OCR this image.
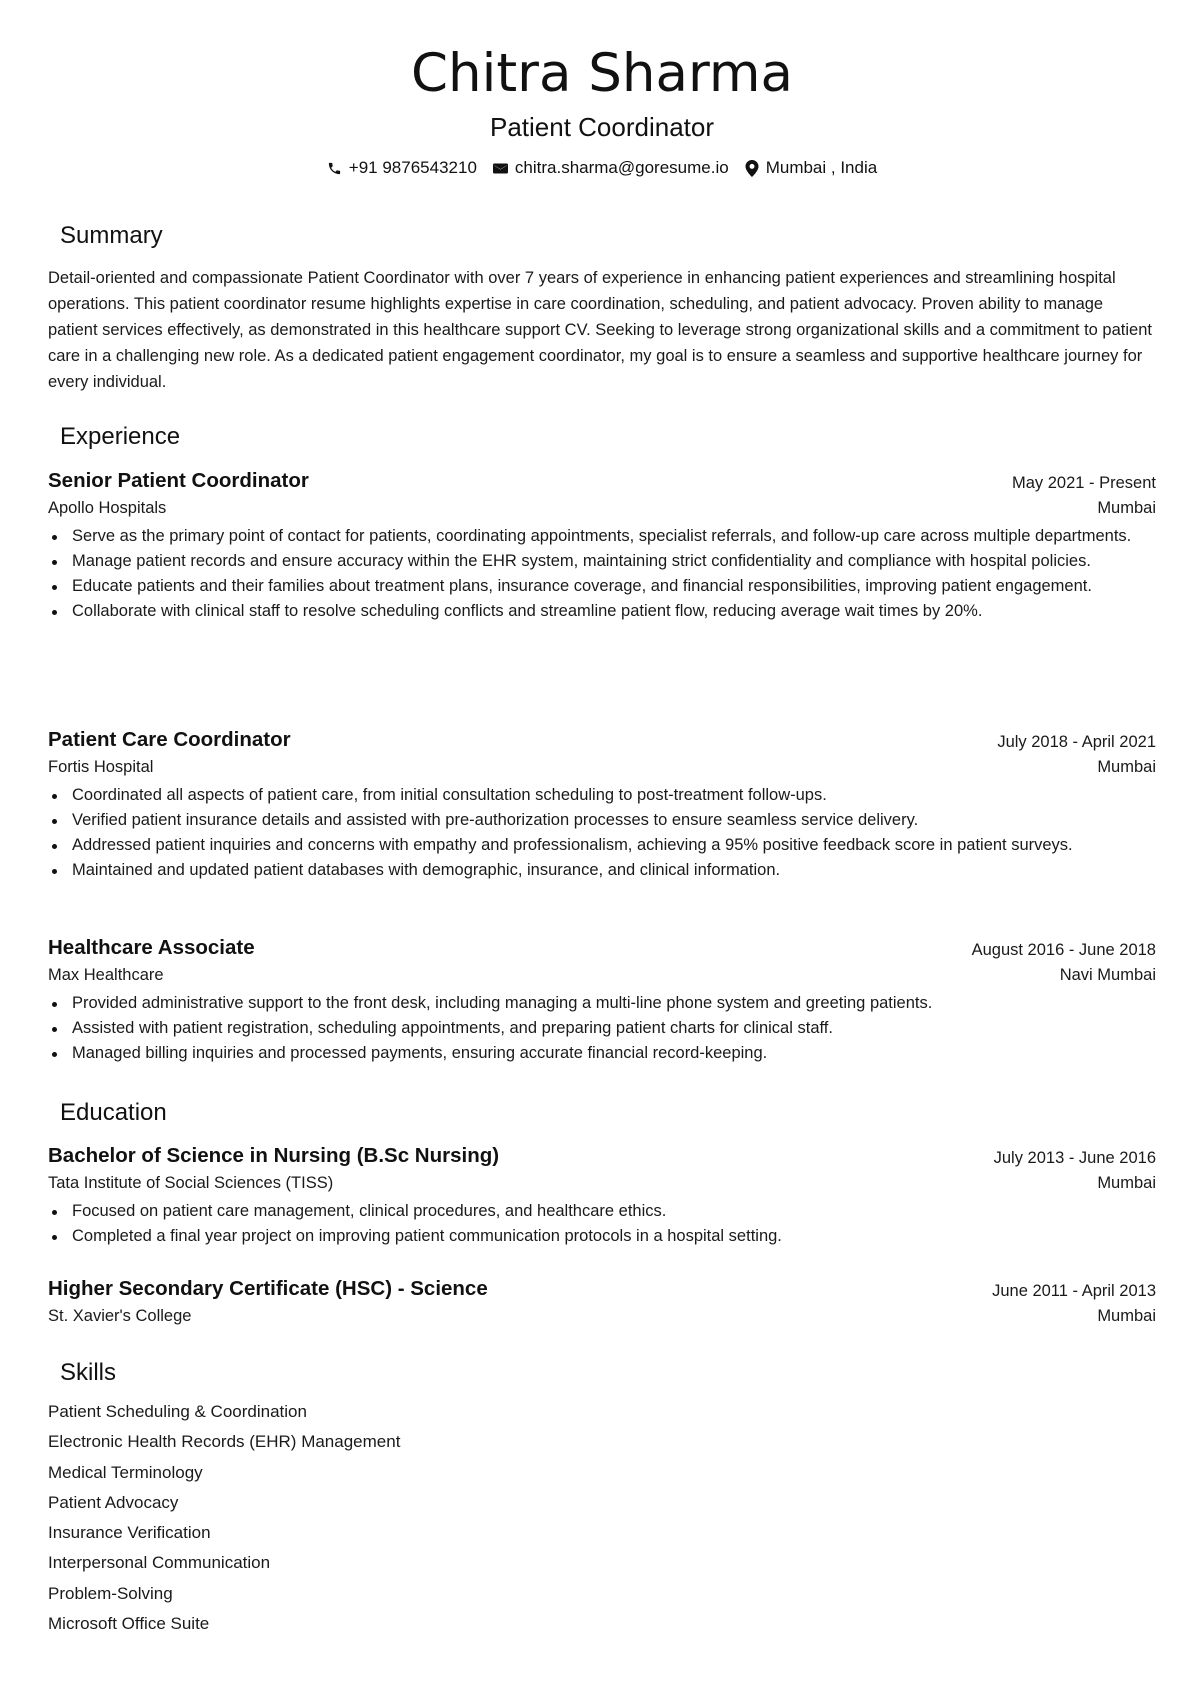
Chitra Sharma
Patient Coordinator
+91 9876543210 chitra.sharma@goresume.io Mumbai , India
Summary
Detail-oriented and compassionate Patient Coordinator with over 7 years of experience in enhancing patient experiences and streamlining hospital operations. This patient coordinator resume highlights expertise in care coordination, scheduling, and patient advocacy. Proven ability to manage patient services effectively, as demonstrated in this healthcare support CV. Seeking to leverage strong organizational skills and a commitment to patient care in a challenging new role. As a dedicated patient engagement coordinator, my goal is to ensure a seamless and supportive healthcare journey for every individual.
Experience
Senior Patient Coordinator	May 2021 - Present
Apollo Hospitals	Mumbai
Serve as the primary point of contact for patients, coordinating appointments, specialist referrals, and follow-up care across multiple departments.
Manage patient records and ensure accuracy within the EHR system, maintaining strict confidentiality and compliance with hospital policies.
Educate patients and their families about treatment plans, insurance coverage, and financial responsibilities, improving patient engagement.
Collaborate with clinical staff to resolve scheduling conflicts and streamline patient flow, reducing average wait times by 20%.
Patient Care Coordinator	July 2018 - April 2021
Fortis Hospital	Mumbai
Coordinated all aspects of patient care, from initial consultation scheduling to post-treatment follow-ups.
Verified patient insurance details and assisted with pre-authorization processes to ensure seamless service delivery.
Addressed patient inquiries and concerns with empathy and professionalism, achieving a 95% positive feedback score in patient surveys.
Maintained and updated patient databases with demographic, insurance, and clinical information.
Healthcare Associate	August 2016 - June 2018
Max Healthcare	Navi Mumbai
Provided administrative support to the front desk, including managing a multi-line phone system and greeting patients.
Assisted with patient registration, scheduling appointments, and preparing patient charts for clinical staff.
Managed billing inquiries and processed payments, ensuring accurate financial record-keeping.
Education
Bachelor of Science in Nursing (B.Sc Nursing)	July 2013 - June 2016
Tata Institute of Social Sciences (TISS)	Mumbai
Focused on patient care management, clinical procedures, and healthcare ethics.
Completed a final year project on improving patient communication protocols in a hospital setting.
Higher Secondary Certificate (HSC) - Science	June 2011 - April 2013
St. Xavier's College	Mumbai
Skills
Patient Scheduling & Coordination
Electronic Health Records (EHR) Management
Medical Terminology
Patient Advocacy
Insurance Verification
Interpersonal Communication
Problem-Solving
Microsoft Office Suite
